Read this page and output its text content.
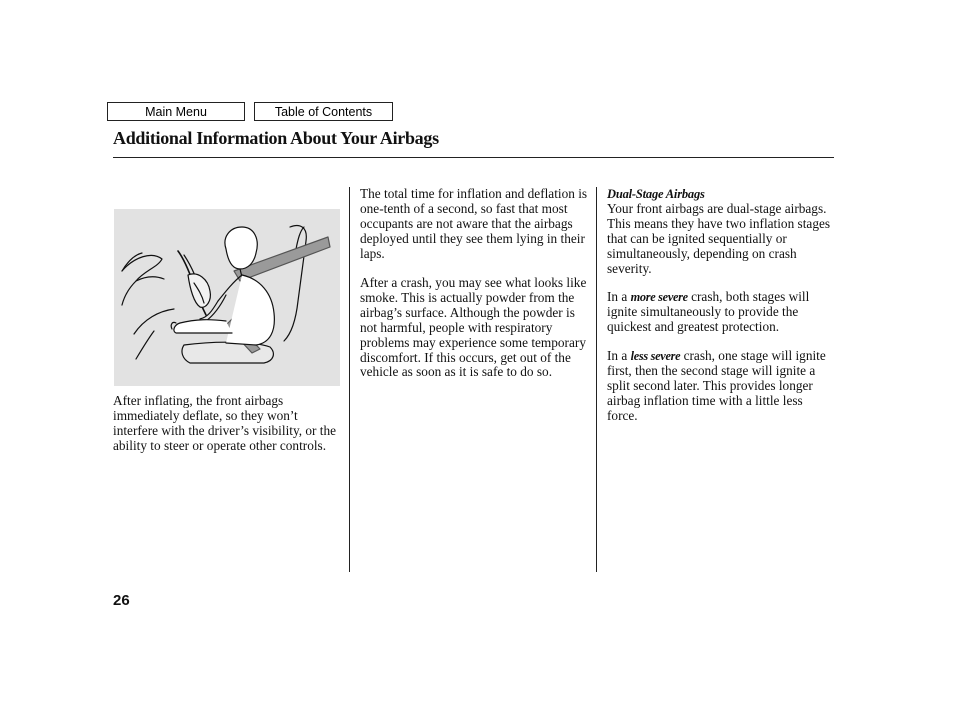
Main Menu	Table of Contents
Additional Information About Your Airbags

After inflating, the front airbags immediately deflate, so they won’t interfere with the driver’s visibility, or the ability to steer or operate other controls.

The total time for inflation and deflation is one-tenth of a second, so fast that most occupants are not aware that the airbags deployed until they see them lying in their laps.

After a crash, you may see what looks like smoke. This is actually powder from the airbag’s surface. Although the powder is not harmful, people with respiratory problems may experience some temporary discomfort. If this occurs, get out of the vehicle as soon as it is safe to do so.

Dual-Stage Airbags

Your front airbags are dual-stage airbags. This means they have two inflation stages that can be ignited sequentially or simultaneously, depending on crash severity.

In a more severe crash, both stages will ignite simultaneously to provide the quickest and greatest protection.

In a less severe crash, one stage will ignite first, then the second stage will ignite a split second later. This provides longer airbag inflation time with a little less force.

26
